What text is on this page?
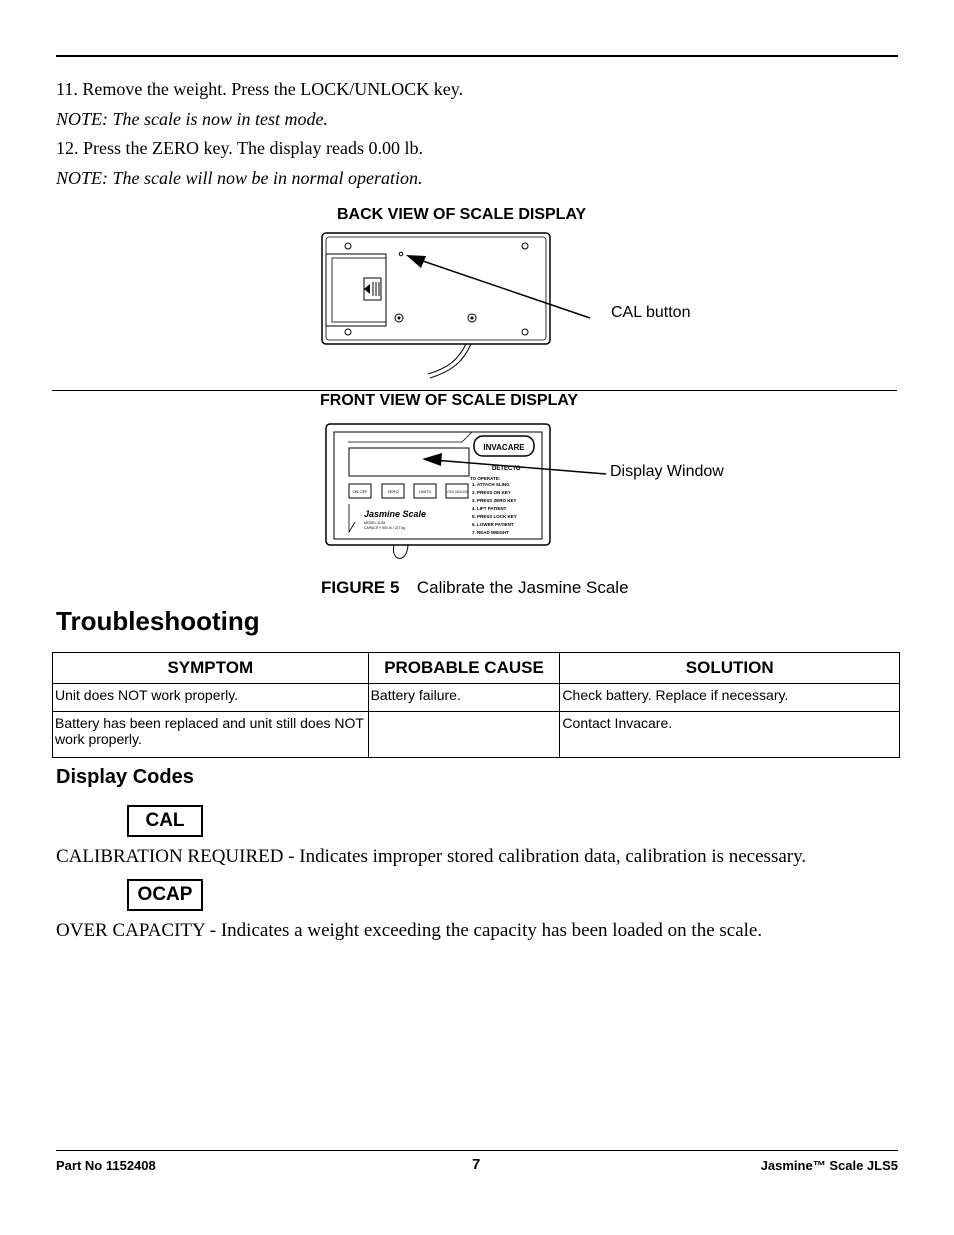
11. Remove the weight. Press the LOCK/UNLOCK key.
NOTE: The scale is now in test mode.
12. Press the ZERO key. The display reads 0.00 lb.
NOTE: The scale will now be in normal operation.
BACK VIEW OF SCALE DISPLAY
CAL button
FRONT VIEW OF SCALE DISPLAY
INVACARE
DETECTO
TO OPERATE:
1. ATTACH SLING
2. PRESS ON KEY
3. PRESS ZERO KEY
4. LIFT PATIENT
5. PRESS LOCK KEY
6. LOWER PATIENT
7. READ WEIGHT
ON OFF	ZERO	UNITS	LOCK UNLOCK
Jasmine Scale
MODEL JLS5
CAPACITY 500 lb / 227 kg
Display Window
FIGURE 5 Calibrate the Jasmine Scale
Troubleshooting
SYMPTOM	PROBABLE CAUSE	SOLUTION
Unit does NOT work properly.	Battery failure.	Check battery. Replace if necessary.
Battery has been replaced and unit still does NOT work properly.		Contact Invacare.
Display Codes
CAL
CALIBRATION REQUIRED - Indicates improper stored calibration data, calibration is necessary.
OCAP
OVER CAPACITY - Indicates a weight exceeding the capacity has been loaded on the scale.
Part No 1152408	7	Jasmine™ Scale JLS5
